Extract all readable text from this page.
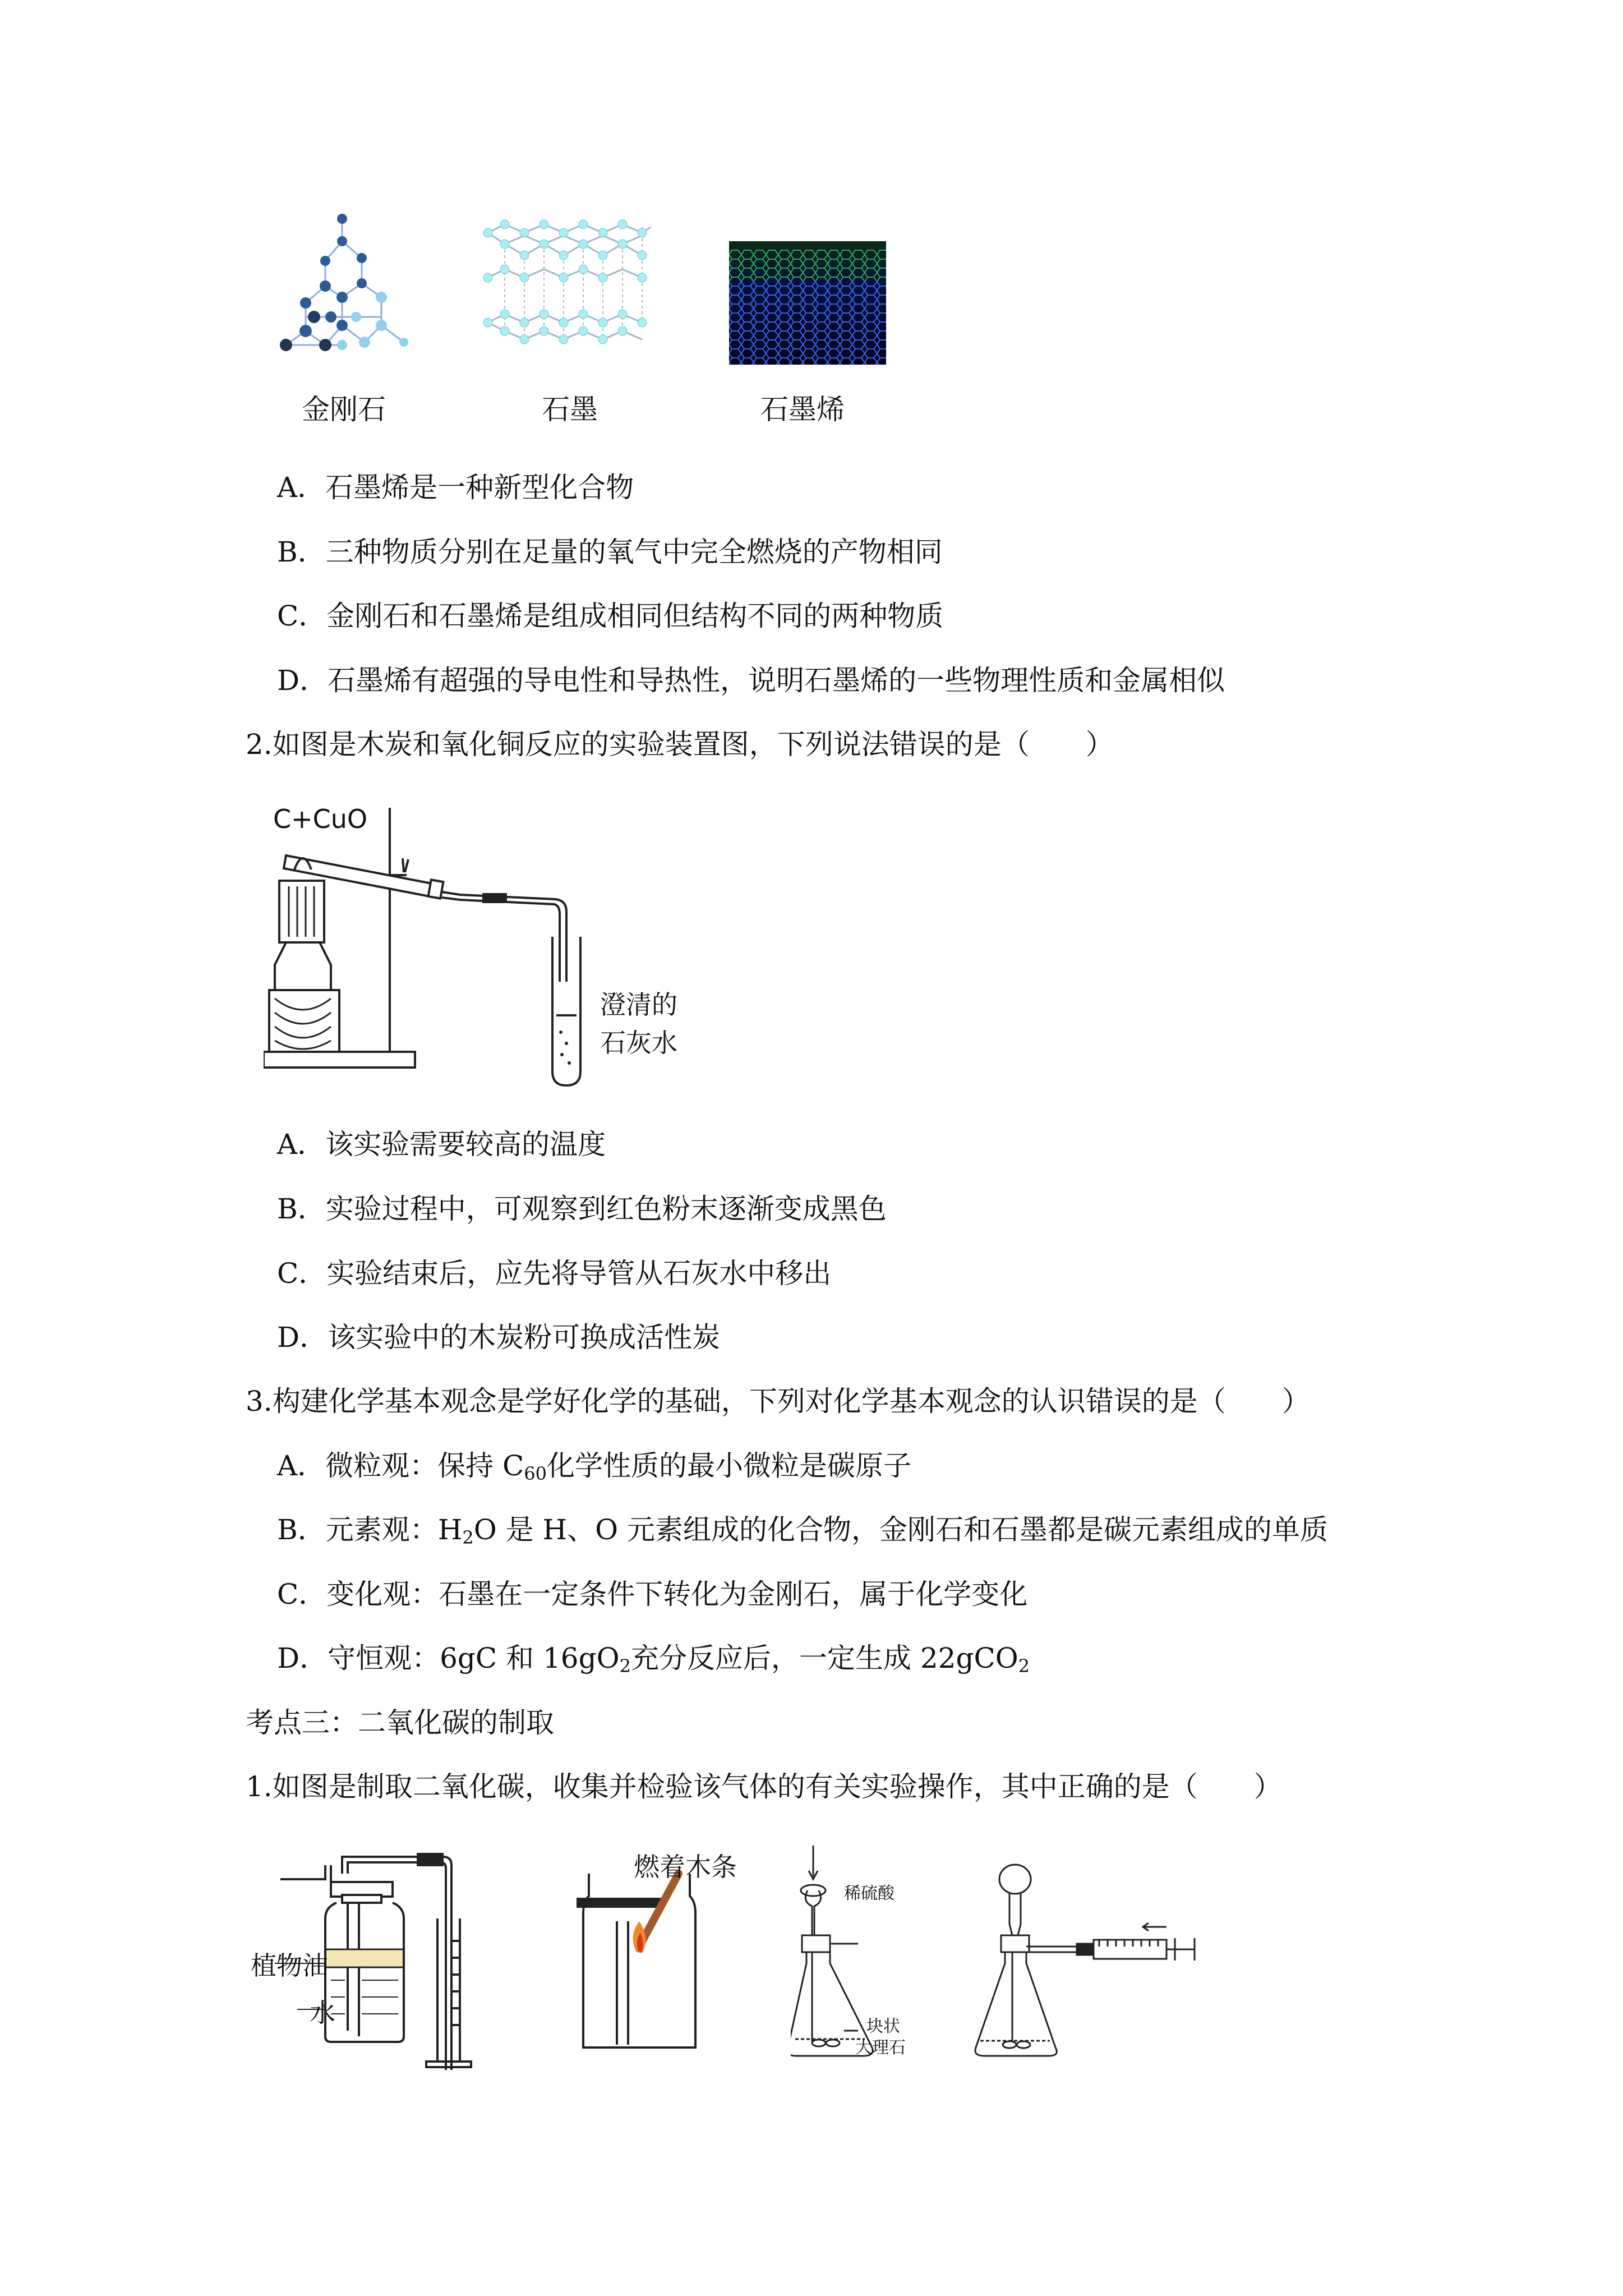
金刚石	石墨	石墨烯
A．石墨烯是一种新型化合物
B．三种物质分别在足量的氧气中完全燃烧的产物相同
C．金刚石和石墨烯是组成相同但结构不同的两种物质
D．石墨烯有超强的导电性和导热性，说明石墨烯的一些物理性质和金属相似
2.如图是木炭和氧化铜反应的实验装置图，下列说法错误的是（　　）
C+CuO
澄清的
石灰水
A．该实验需要较高的温度
B．实验过程中，可观察到红色粉末逐渐变成黑色
C．实验结束后，应先将导管从石灰水中移出
D．该实验中的木炭粉可换成活性炭
3.构建化学基本观念是学好化学的基础，下列对化学基本观念的认识错误的是（　　）
A．微粒观：保持 $C_{60}$化学性质的最小微粒是碳原子
B．元素观：$H_2O$ 是 H、O 元素组成的化合物，金刚石和石墨都是碳元素组成的单质
C．变化观：石墨在一定条件下转化为金刚石，属于化学变化
D．守恒观：6gC 和 $16gO_2$充分反应后，一定生成 22gCO$_2$
考点三：二氧化碳的制取
1.如图是制取二氧化碳，收集并检验该气体的有关实验操作，其中正确的是（　　）
植物油
水
燃着木条
稀硫酸
块状
大理石
